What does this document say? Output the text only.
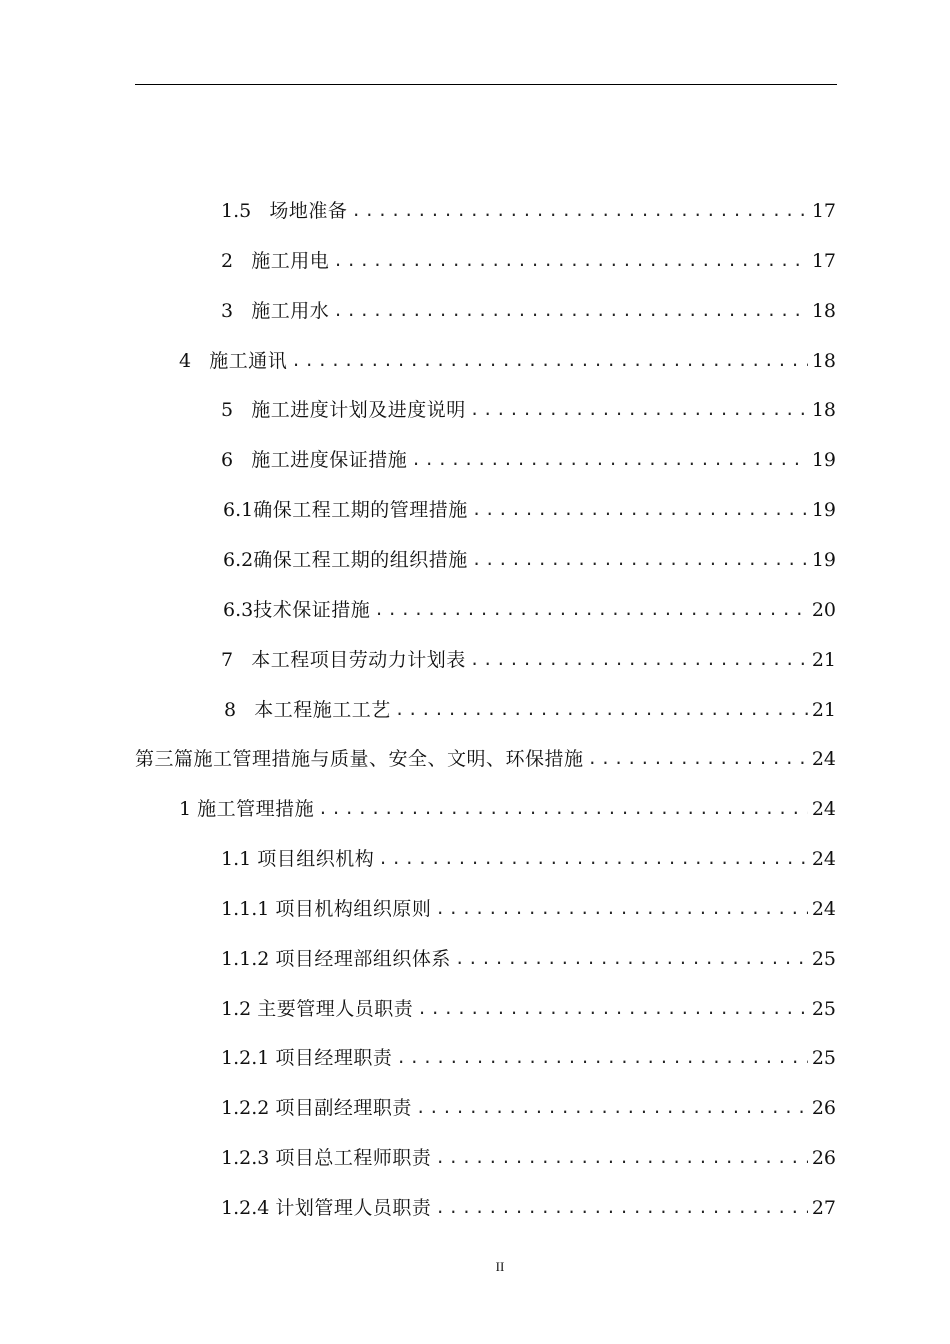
1.5 场地准备 .....	17
2 施工用电 .....	17
3 施工用水 .....	18
4 施工通讯 .....	18
5 施工进度计划及进度说明 .....	18
6 施工进度保证措施 .....	19
6.1 确保工程工期的管理措施 .....	19
6.2 确保工程工期的组织措施 .....	19
6.3 技术保证措施 .....	20
7 本工程项目劳动力计划表 .....	21
8 本工程施工工艺 .....	21
第三篇施工管理措施与质量、安全、文明、环保措施 .....	24
1 施工管理措施 .....	24
1.1 项目组织机构 .....	24
1.1.1 项目机构组织原则 .....	24
1.1.2 项目经理部组织体系 .....	25
1.2 主要管理人员职责 .....	25
1.2.1 项目经理职责 .....	25
1.2.2 项目副经理职责 .....	26
1.2.3 项目总工程师职责 .....	26
1.2.4 计划管理人员职责 .....	27
II
